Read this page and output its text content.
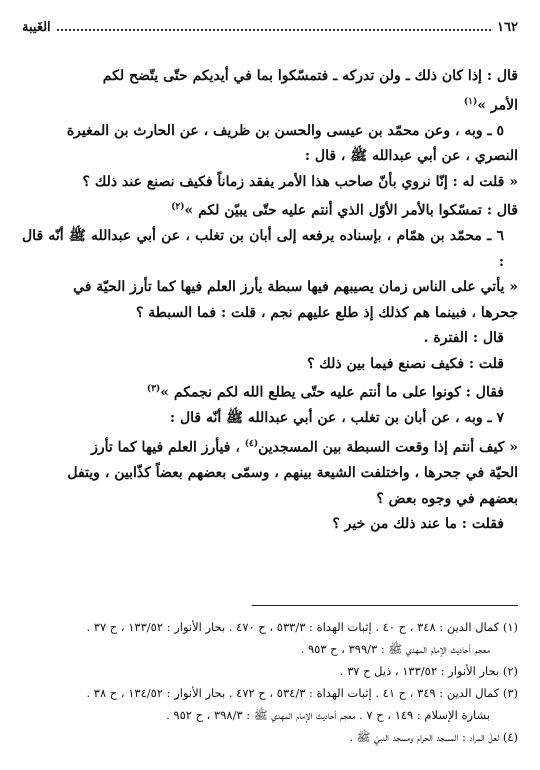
١٦٢
الغَيبة

قال : إذا كان ذلك ـ ولن تدركه ـ فتمسّكوا بما في أيديكم حتّى يتّضح لكم

الأمر »$^{(١)}$

٥ ـ وبه ، وعن محمّد بن عيسى والحسن بن ظريف ، عن الحارث بن المغيرة

النصري ، عن أبي عبدالله ﷺ ، قال :

« قلت له : إنّا نروي بأنّ صاحب هذا الأمر يفقد زماناً فكيف نصنع عند ذلك ؟

قال : تمسّكوا بالأمر الأوّل الذي أنتم عليه حتّى يبيّن لكم »$^{(٢)}$

٦ ـ محمّد بن همّام ، بإسناده يرفعه إلى أبان بن تغلب ، عن أبي عبدالله ﷺ أنّه قال :

« يأتي على الناس زمان يصيبهم فيها سبطة يأرز العلم فيها كما تأرز الحيّة في

جحرها ، فبينما هم كذلك إذ طلع عليهم نجم ، قلت : فما السبطة ؟

قال : الفترة .

قلت : فكيف نصنع فيما بين ذلك ؟

فقال : كونوا على ما أنتم عليه حتّى يطلع الله لكم نجمكم »$^{(٣)}$

٧ ـ وبه ، عن أبان بن تغلب ، عن أبي عبدالله ﷺ أنّه قال :

« كيف أنتم إذا وقعت السبطة بين المسجدين$^{(٤)}$ ، فيأرز العلم فيها كما تأرز

الحيّة في جحرها ، واختلفت الشيعة بينهم ، وسمّى بعضهم بعضاً كذّابين ، ويتفل

بعضهم في وجوه بعض ؟

فقلت : ما عند ذلك من خير ؟

(١) كمال الدين : ٣٤٨ ، ح ٤٠ . إثبات الهداة : ٥٣٣/٣ ، ح ٤٧٠ . بحار الأنوار : ١٣٣/٥٢ ، ح ٣٧ .

معجم أحاديث الإمام المهدي ﷺ : ٣٩٩/٣ ، ح ٩٥٣ .

(٢) بحار الأنوار : ١٣٣/٥٢ ، ذيل ح ٣٧ .

(٣) كمال الدين : ٣٤٩ ، ح ٤١ . إثبات الهداة : ٥٣٤/٣ ، ح ٤٧٢ . بحار الأنوار : ١٣٤/٥٢ ، ح ٣٨ .

بشارة الإسلام : ١٤٩ ، ح ٧ . معجم أحاديث الإمام المهدي ﷺ : ٣٩٨/٣ ، ح ٩٥٢ .

(٤) لعلّ المراد : المسجد الحرام ومسجد النبيّ ﷺ .
